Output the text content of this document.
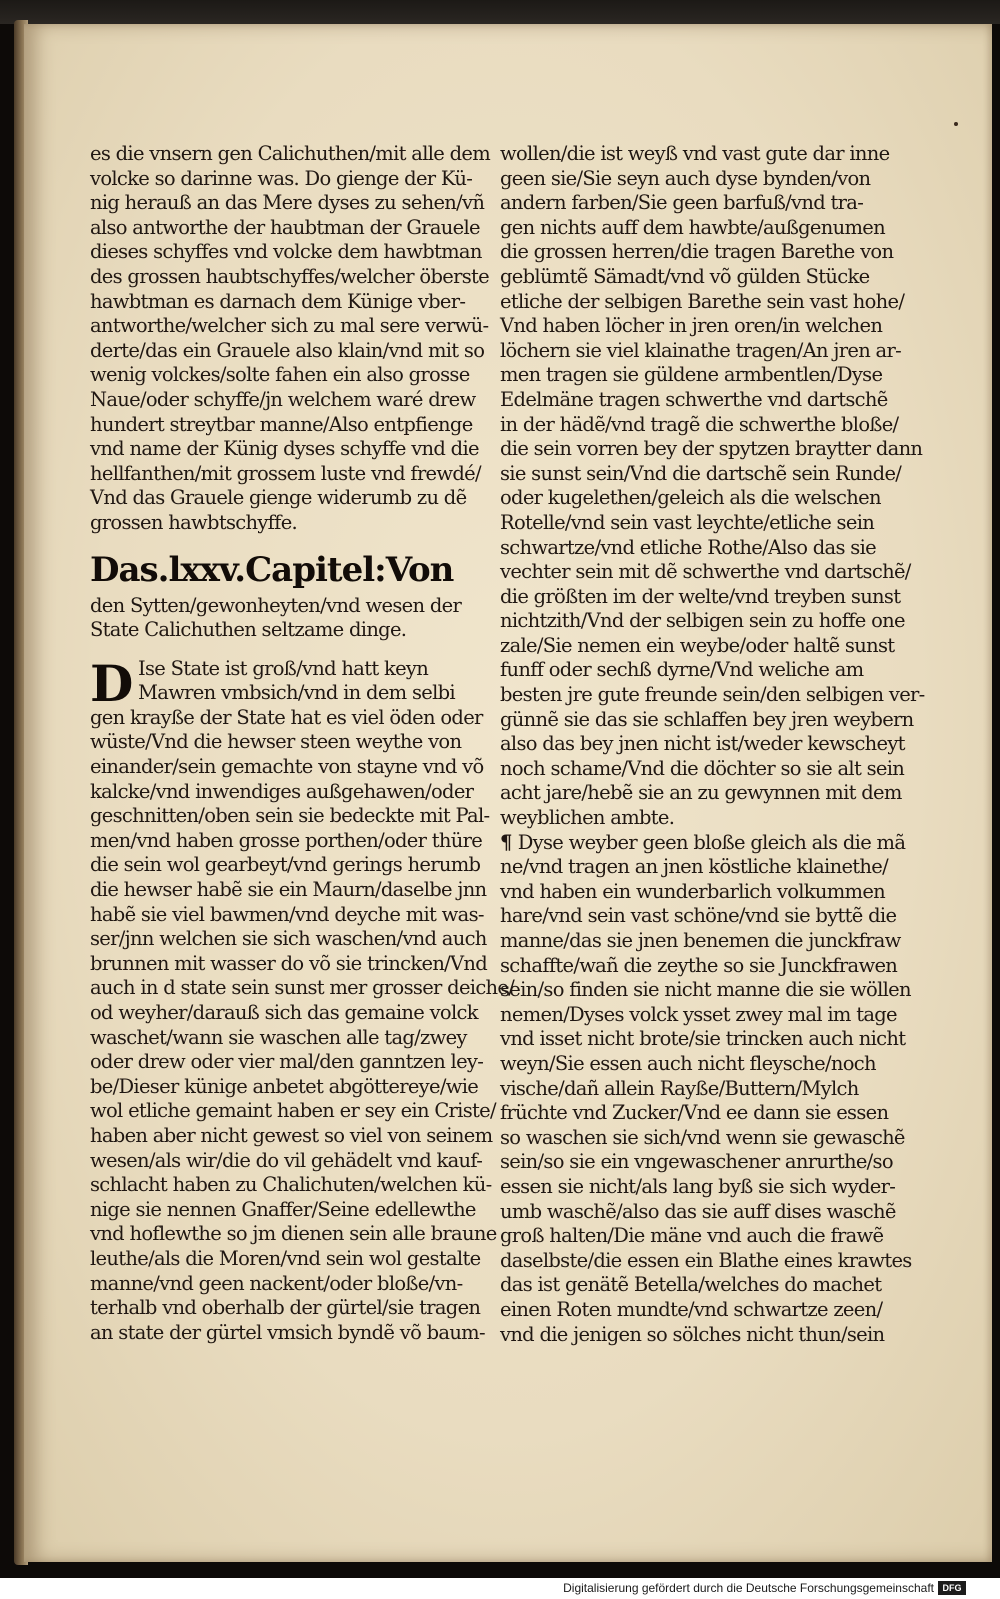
es die vnsern gen Calichuthen/mit alle dem
volcke so darinne was. Do gienge der Kü-
nig herauß an das Mere dyses zu sehen/vñ
also antworthe der haubtman der Grauele
dieses schyffes vnd volcke dem hawbtman
des grossen haubtschyffes/welcher öberste
hawbtman es darnach dem Künige vber-
antworthe/welcher sich zu mal sere verwü-
derte/das ein Grauele also klain/vnd mit so
wenig volckes/solte fahen ein also grosse
Naue/oder schyffe/jn welchem waré drew
hundert streytbar manne/Also entpfienge
vnd name der Künig dyses schyffe vnd die
hellfanthen/mit grossem luste vnd frewdé/
Vnd das Grauele gienge widerumb zu dẽ
grossen hawbtschyffe.
Das.lxxv.Capitel:Von
den Sytten/gewonheyten/vnd wesen der
State Calichuthen seltzame dinge.
D Ise State ist groß/vnd hatt keyn
Mawren vmbsich/vnd in dem selbi
gen krayße der State hat es viel öden oder
wüste/Vnd die hewser steen weythe von
einander/sein gemachte von stayne vnd võ
kalcke/vnd inwendiges außgehawen/oder
geschnitten/oben sein sie bedeckte mit Pal-
men/vnd haben grosse porthen/oder thüre
die sein wol gearbeyt/vnd gerings herumb
die hewser habẽ sie ein Maurn/daselbe jnn
habẽ sie viel bawmen/vnd deyche mit was-
ser/jnn welchen sie sich waschen/vnd auch
brunnen mit wasser do võ sie trincken/Vnd
auch in d state sein sunst mer grosser deiche/
od weyher/darauß sich das gemaine volck
waschet/wann sie waschen alle tag/zwey
oder drew oder vier mal/den ganntzen ley-
be/Dieser künige anbetet abgöttereye/wie
wol etliche gemaint haben er sey ein Criste/
haben aber nicht gewest so viel von seinem
wesen/als wir/die do vil gehädelt vnd kauf-
schlacht haben zu Chalichuten/welchen kü-
nige sie nennen Gnaffer/Seine edellewthe
vnd hoflewthe so jm dienen sein alle braune
leuthe/als die Moren/vnd sein wol gestalte
manne/vnd geen nackent/oder bloße/vn-
terhalb vnd oberhalb der gürtel/sie tragen
an state der gürtel vmsich byndẽ võ baum-
wollen/die ist weyß vnd vast gute dar inne
geen sie/Sie seyn auch dyse bynden/von
andern farben/Sie geen barfuß/vnd tra-
gen nichts auff dem hawbte/außgenumen
die grossen herren/die tragen Barethe von
geblümtẽ Sämadt/vnd võ gülden Stücke
etliche der selbigen Barethe sein vast hohe/
Vnd haben löcher in jren oren/in welchen
löchern sie viel klainathe tragen/An jren ar-
men tragen sie güldene armbentlen/Dyse
Edelmäne tragen schwerthe vnd dartschẽ
in der hädẽ/vnd tragẽ die schwerthe bloße/
die sein vorren bey der spytzen braytter dann
sie sunst sein/Vnd die dartschẽ sein Runde/
oder kugelethen/geleich als die welschen
Rotelle/vnd sein vast leychte/etliche sein
schwartze/vnd etliche Rothe/Also das sie
vechter sein mit dẽ schwerthe vnd dartschẽ/
die größten im der welte/vnd treyben sunst
nichtzith/Vnd der selbigen sein zu hoffe one
zale/Sie nemen ein weybe/oder haltẽ sunst
funff oder sechß dyrne/Vnd weliche am
besten jre gute freunde sein/den selbigen ver-
günnẽ sie das sie schlaffen bey jren weybern
also das bey jnen nicht ist/weder kewscheyt
noch schame/Vnd die döchter so sie alt sein
acht jare/hebẽ sie an zu gewynnen mit dem
weyblichen ambte.
¶ Dyse weyber geen bloße gleich als die mã
ne/vnd tragen an jnen köstliche klainethe/
vnd haben ein wunderbarlich volkummen
hare/vnd sein vast schöne/vnd sie byttẽ die
manne/das sie jnen benemen die junckfraw
schaffte/wañ die zeythe so sie Junckfrawen
sein/so finden sie nicht manne die sie wöllen
nemen/Dyses volck ysset zwey mal im tage
vnd isset nicht brote/sie trincken auch nicht
weyn/Sie essen auch nicht fleysche/noch
vische/dañ allein Rayße/Buttern/Mylch
früchte vnd Zucker/Vnd ee dann sie essen
so waschen sie sich/vnd wenn sie gewaschẽ
sein/so sie ein vngewaschener anrurthe/so
essen sie nicht/als lang byß sie sich wyder-
umb waschẽ/also das sie auff dises waschẽ
groß halten/Die mäne vnd auch die frawẽ
daselbste/die essen ein Blathe eines krawtes
das ist genätẽ Betella/welches do machet
einen Roten mundte/vnd schwartze zeen/
vnd die jenigen so sölches nicht thun/sein
Digitalisierung gefördert durch die Deutsche Forschungsgemeinschaft DFG
